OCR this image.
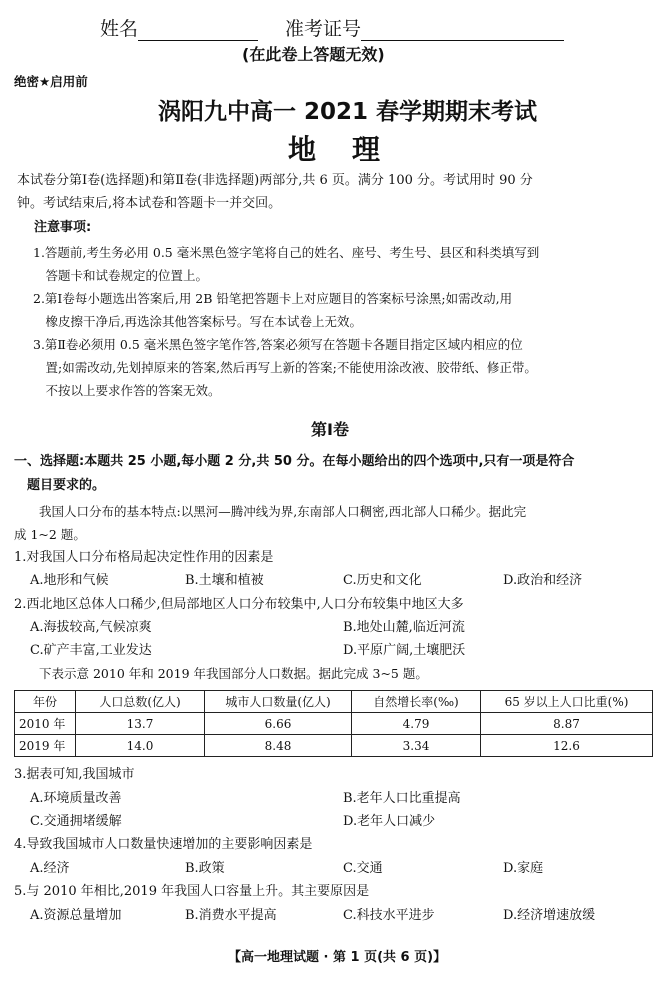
姓名	准考证号
(在此卷上答题无效)
绝密★启用前
涡阳九中高一 2021 春学期期末考试
地　理
本试卷分第Ⅰ卷(选择题)和第Ⅱ卷(非选择题)两部分,共 6 页。满分 100 分。考试用时 90 分
钟。考试结束后,将本试卷和答题卡一并交回。
注意事项:
1.答题前,考生务必用 0.5 毫米黑色签字笔将自己的姓名、座号、考生号、县区和科类填写到
　答题卡和试卷规定的位置上。
2.第Ⅰ卷每小题选出答案后,用 2B 铅笔把答题卡上对应题目的答案标号涂黑;如需改动,用
　橡皮擦干净后,再选涂其他答案标号。写在本试卷上无效。
3.第Ⅱ卷必须用 0.5 毫米黑色签字笔作答,答案必须写在答题卡各题目指定区域内相应的位
　置;如需改动,先划掉原来的答案,然后再写上新的答案;不能使用涂改液、胶带纸、修正带。
　不按以上要求作答的答案无效。
第Ⅰ卷
一、选择题:本题共 25 小题,每小题 2 分,共 50 分。在每小题给出的四个选项中,只有一项是符合
　题目要求的。
　　我国人口分布的基本特点:以黑河—腾冲线为界,东南部人口稠密,西北部人口稀少。据此完
成 1~2 题。
1.对我国人口分布格局起决定性作用的因素是
A.地形和气候	B.土壤和植被	C.历史和文化	D.政治和经济
2.西北地区总体人口稀少,但局部地区人口分布较集中,人口分布较集中地区大多
A.海拔较高,气候凉爽	B.地处山麓,临近河流
C.矿产丰富,工业发达	D.平原广阔,土壤肥沃
　　下表示意 2010 年和 2019 年我国部分人口数据。据此完成 3~5 题。
年份	人口总数(亿人)	城市人口数量(亿人)	自然增长率(‰)	65 岁以上人口比重(%)
2010 年	13.7	6.66	4.79	8.87
2019 年	14.0	8.48	3.34	12.6
3.据表可知,我国城市
A.环境质量改善	B.老年人口比重提高
C.交通拥堵缓解	D.老年人口减少
4.导致我国城市人口数量快速增加的主要影响因素是
A.经济	B.政策	C.交通	D.家庭
5.与 2010 年相比,2019 年我国人口容量上升。其主要原因是
A.资源总量增加	B.消费水平提高	C.科技水平进步	D.经济增速放缓
【高一地理试题 · 第 1 页(共 6 页)】
